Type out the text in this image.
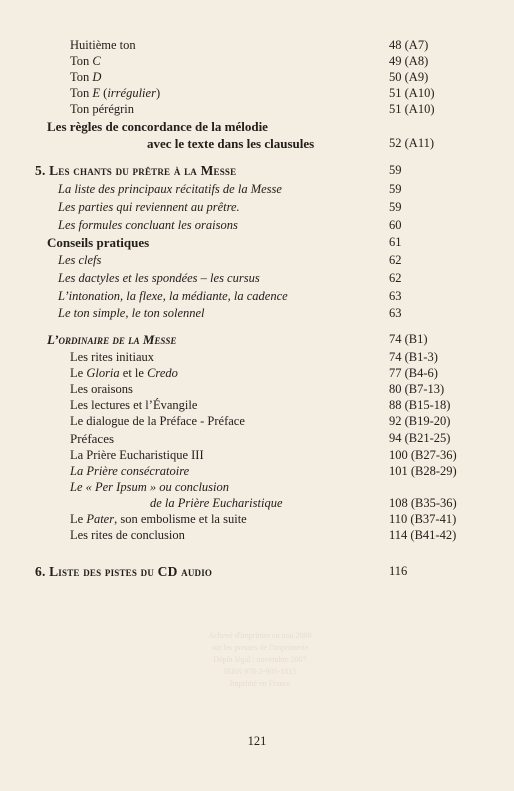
Huitième ton	48 (A7)
Ton C	49 (A8)
Ton D	50 (A9)
Ton E (irrégulier)	51 (A10)
Ton pérégrin	51 (A10)
Les règles de concordance de la mélodie
avec le texte dans les clausules	52 (A11)
5. Les chants du prêtre à la Messe	59
La liste des principaux récitatifs de la Messe	59
Les parties qui reviennent au prêtre.	59
Les formules concluant les oraisons	60
Conseils pratiques	61
Les clefs	62
Les dactyles et les spondées – les cursus	62
L’intonation, la flexe, la médiante, la cadence	63
Le ton simple, le ton solennel	63
L’ordinaire de la Messe	74 (B1)
Les rites initiaux	74 (B1-3)
Le Gloria et le Credo	77 (B4-6)
Les oraisons	80 (B7-13)
Les lectures et l’Évangile	88 (B15-18)
Le dialogue de la Préface - Préface	92 (B19-20)
Préfaces	94 (B21-25)
La Prière Eucharistique III	100 (B27-36)
La Prière consécratoire	101 (B28-29)
Le « Per Ipsum » ou conclusion
de la Prière Eucharistique	108 (B35-36)
Le Pater, son embolisme et la suite	110 (B37-41)
Les rites de conclusion	114 (B41-42)
6. Liste des pistes du CD audio	116
Achevé d'imprimer en mai 2008
sur les presses de l'imprimerie
Dépôt légal : novembre 2007
ISBN 978-2-905-1815
Imprimé en France
121
